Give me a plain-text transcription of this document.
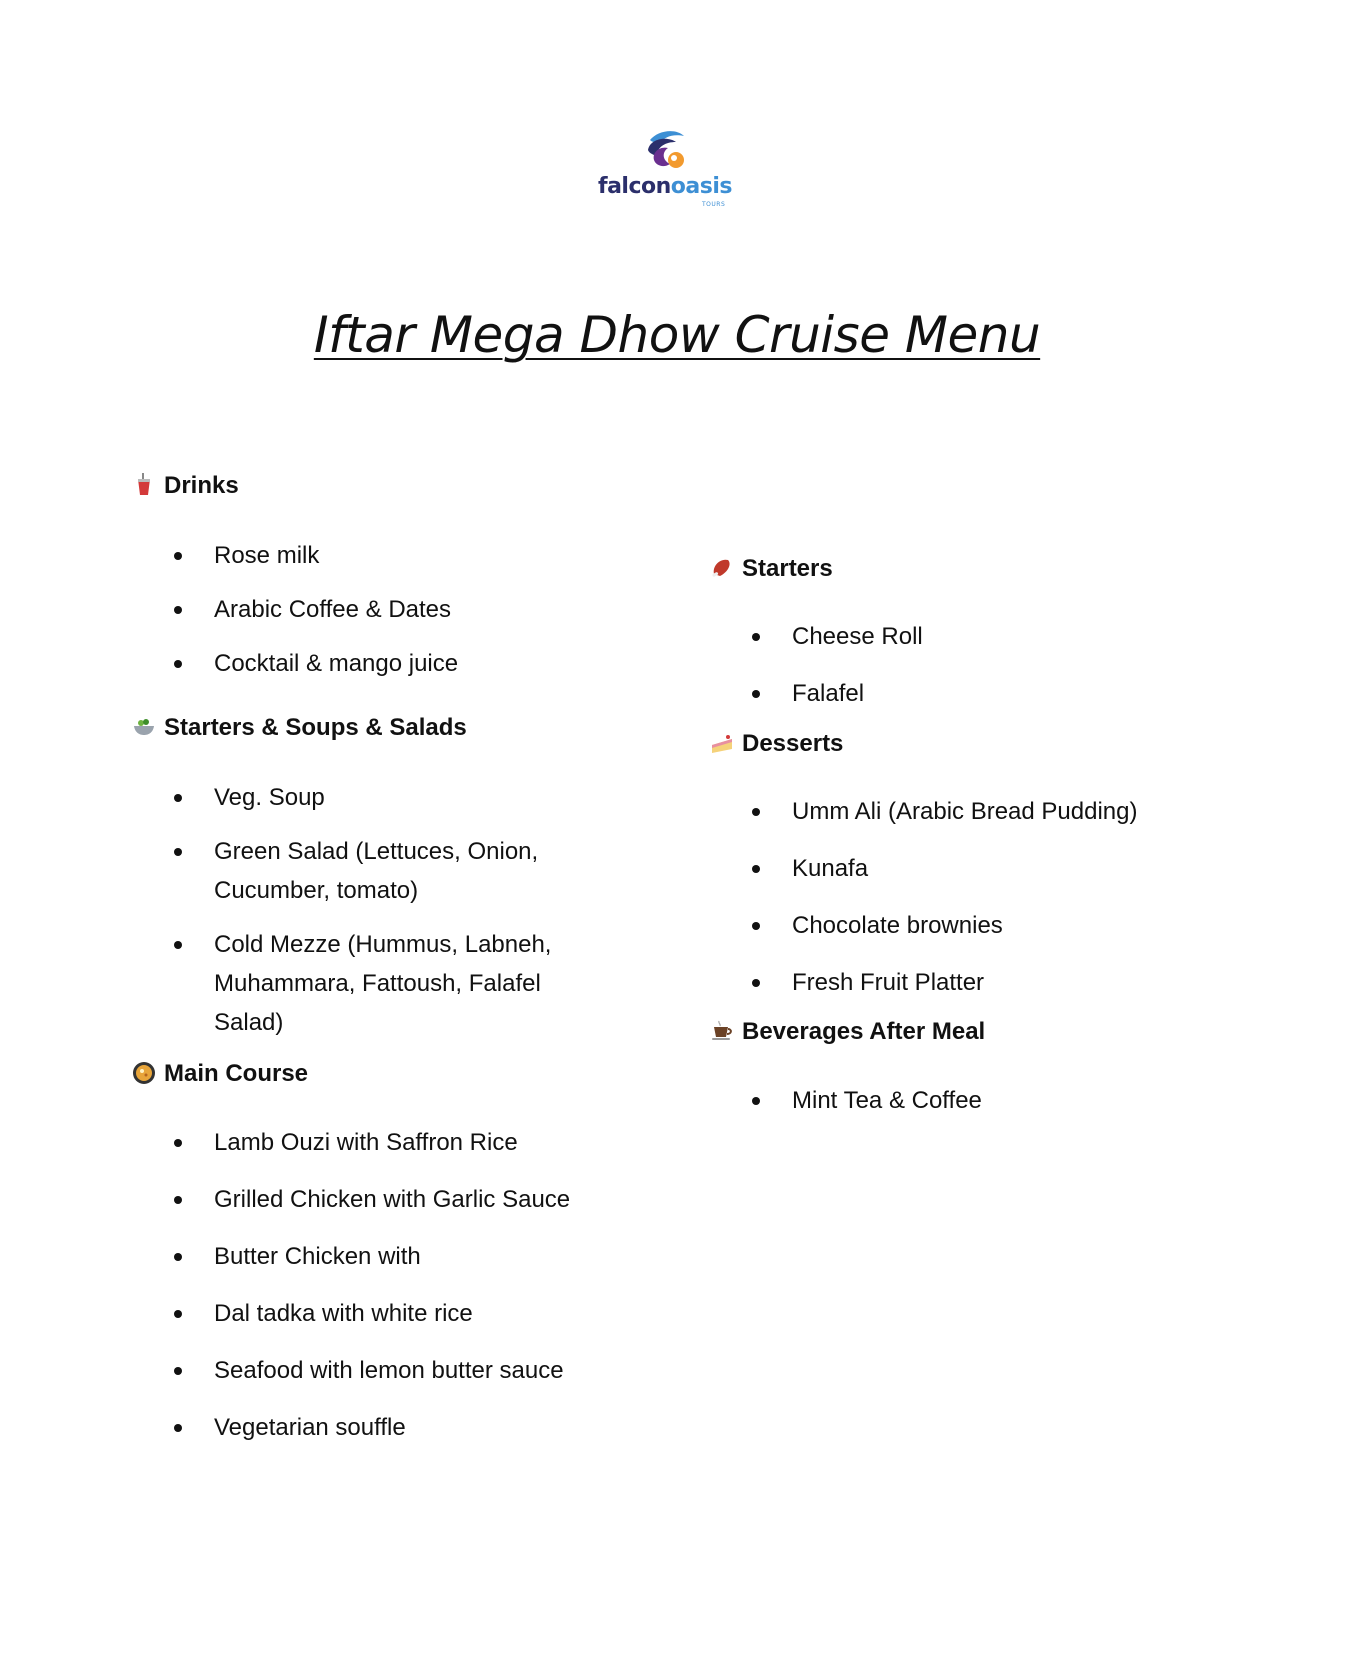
falconoasis
TOURS
Iftar Mega Dhow Cruise Menu
Drinks
Rose milk
Arabic Coffee & Dates
Cocktail & mango juice
Starters & Soups & Salads
Veg. Soup
Green Salad (Lettuces, Onion, Cucumber, tomato)
Cold Mezze (Hummus, Labneh, Muhammara, Fattoush, Falafel Salad)
Main Course
Lamb Ouzi with Saffron Rice
Grilled Chicken with Garlic Sauce
Butter Chicken with
Dal tadka with white rice
Seafood with lemon butter sauce
Vegetarian souffle
Starters
Cheese Roll
Falafel
Desserts
Umm Ali (Arabic Bread Pudding)
Kunafa
Chocolate brownies
Fresh Fruit Platter
Beverages After Meal
Mint Tea & Coffee
